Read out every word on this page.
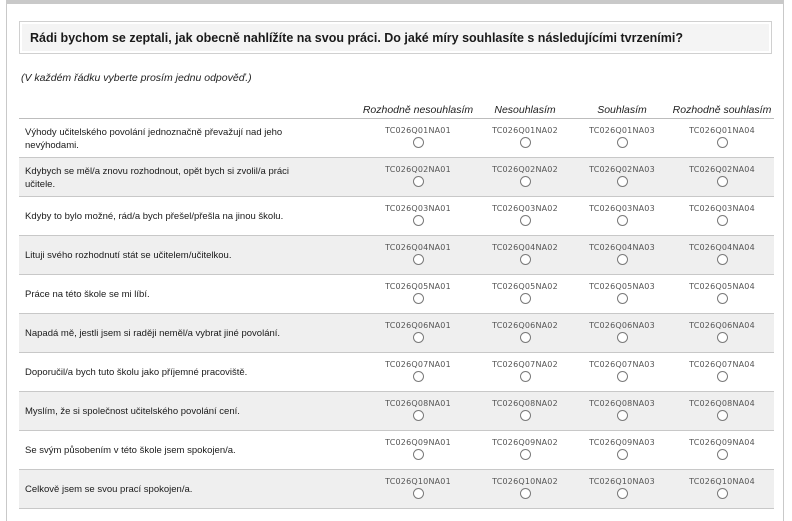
Rádi bychom se zeptali, jak obecně nahlížíte na svou práci. Do jaké míry souhlasíte s následujícími tvrzeními?
(V každém řádku vyberte prosím jednu odpověď.)
Rozhodně nesouhlasím	Nesouhlasím	Souhlasím	Rozhodně souhlasím
Výhody učitelského povolání jednoznačně převažují nad jeho nevýhodami.
TC026Q01NA01	TC026Q01NA02	TC026Q01NA03	TC026Q01NA04
Kdybych se měl/a znovu rozhodnout, opět bych si zvolil/a práci učitele.
TC026Q02NA01	TC026Q02NA02	TC026Q02NA03	TC026Q02NA04
Kdyby to bylo možné, rád/a bych přešel/přešla na jinou školu.
TC026Q03NA01	TC026Q03NA02	TC026Q03NA03	TC026Q03NA04
Lituji svého rozhodnutí stát se učitelem/učitelkou.
TC026Q04NA01	TC026Q04NA02	TC026Q04NA03	TC026Q04NA04
Práce na této škole se mi líbí.
TC026Q05NA01	TC026Q05NA02	TC026Q05NA03	TC026Q05NA04
Napadá mě, jestli jsem si raději neměl/a vybrat jiné povolání.
TC026Q06NA01	TC026Q06NA02	TC026Q06NA03	TC026Q06NA04
Doporučil/a bych tuto školu jako příjemné pracoviště.
TC026Q07NA01	TC026Q07NA02	TC026Q07NA03	TC026Q07NA04
Myslím, že si společnost učitelského povolání cení.
TC026Q08NA01	TC026Q08NA02	TC026Q08NA03	TC026Q08NA04
Se svým působením v této škole jsem spokojen/a.
TC026Q09NA01	TC026Q09NA02	TC026Q09NA03	TC026Q09NA04
Celkově jsem se svou prací spokojen/a.
TC026Q10NA01	TC026Q10NA02	TC026Q10NA03	TC026Q10NA04
